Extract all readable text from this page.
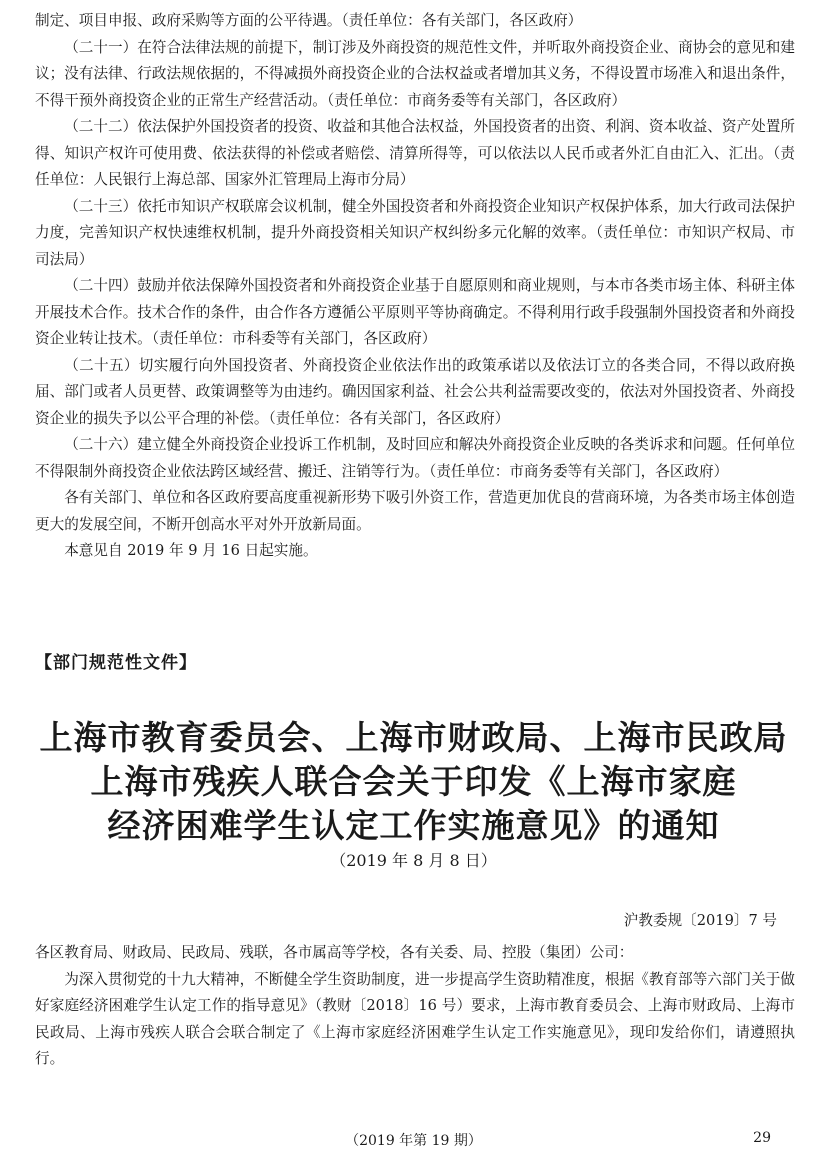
制定、项目申报、政府采购等方面的公平待遇。（责任单位：各有关部门，各区政府）

（二十一）在符合法律法规的前提下，制订涉及外商投资的规范性文件，并听取外商投资企业、商协会的意见和建议；没有法律、行政法规依据的，不得减损外商投资企业的合法权益或者增加其义务，不得设置市场准入和退出条件，不得干预外商投资企业的正常生产经营活动。（责任单位：市商务委等有关部门，各区政府）

（二十二）依法保护外国投资者的投资、收益和其他合法权益，外国投资者的出资、利润、资本收益、资产处置所得、知识产权许可使用费、依法获得的补偿或者赔偿、清算所得等，可以依法以人民币或者外汇自由汇入、汇出。（责任单位：人民银行上海总部、国家外汇管理局上海市分局）

（二十三）依托市知识产权联席会议机制，健全外国投资者和外商投资企业知识产权保护体系，加大行政司法保护力度，完善知识产权快速维权机制，提升外商投资相关知识产权纠纷多元化解的效率。（责任单位：市知识产权局、市司法局）

（二十四）鼓励并依法保障外国投资者和外商投资企业基于自愿原则和商业规则，与本市各类市场主体、科研主体开展技术合作。技术合作的条件，由合作各方遵循公平原则平等协商确定。不得利用行政手段强制外国投资者和外商投资企业转让技术。（责任单位：市科委等有关部门，各区政府）

（二十五）切实履行向外国投资者、外商投资企业依法作出的政策承诺以及依法订立的各类合同，不得以政府换届、部门或者人员更替、政策调整等为由违约。确因国家利益、社会公共利益需要改变的，依法对外国投资者、外商投资企业的损失予以公平合理的补偿。（责任单位：各有关部门，各区政府）

（二十六）建立健全外商投资企业投诉工作机制，及时回应和解决外商投资企业反映的各类诉求和问题。任何单位不得限制外商投资企业依法跨区域经营、搬迁、注销等行为。（责任单位：市商务委等有关部门，各区政府）

各有关部门、单位和各区政府要高度重视新形势下吸引外资工作，营造更加优良的营商环境，为各类市场主体创造更大的发展空间，不断开创高水平对外开放新局面。

本意见自 2019 年 9 月 16 日起实施。

【部门规范性文件】
上海市教育委员会、上海市财政局、上海市民政局
上海市残疾人联合会关于印发《上海市家庭
经济困难学生认定工作实施意见》的通知
（2019 年 8 月 8 日）
沪教委规〔2019〕7 号

各区教育局、财政局、民政局、残联，各市属高等学校，各有关委、局、控股（集团）公司：

为深入贯彻党的十九大精神，不断健全学生资助制度，进一步提高学生资助精准度，根据《教育部等六部门关于做好家庭经济困难学生认定工作的指导意见》（教财〔2018〕16 号）要求，上海市教育委员会、上海市财政局、上海市民政局、上海市残疾人联合会联合制定了《上海市家庭经济困难学生认定工作实施意见》，现印发给你们，请遵照执行。

（2019 年第 19 期）	29
